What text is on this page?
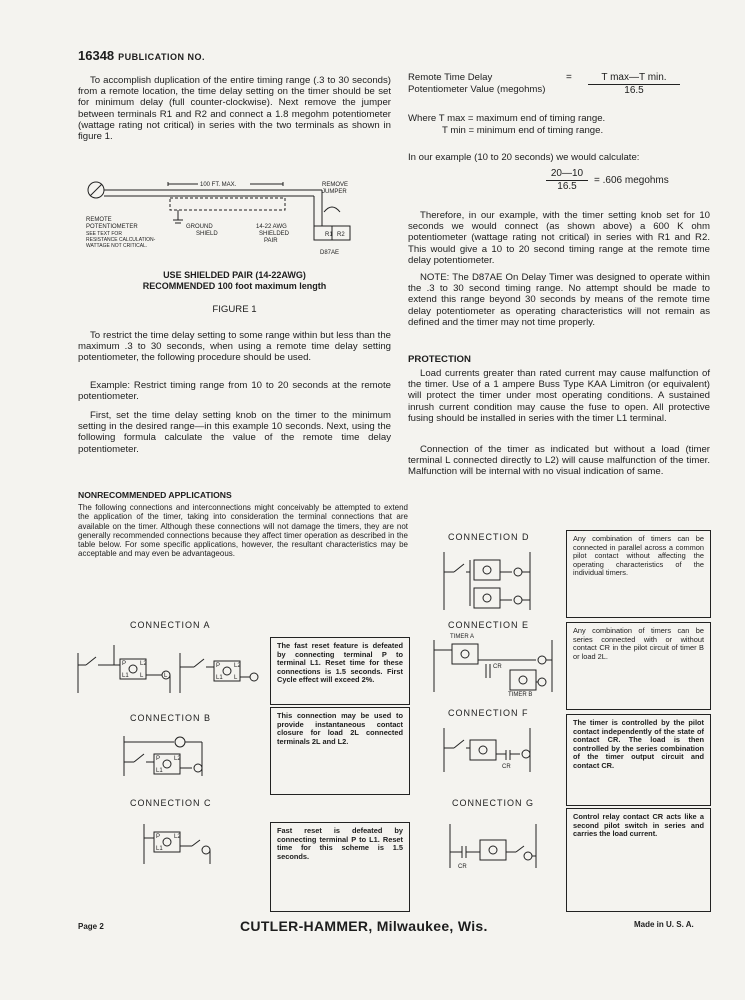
16348 PUBLICATION NO.

To accomplish duplication of the entire timing range (.3 to 30 seconds) from a remote location, the time delay setting on the timer should be set for minimum delay (full counter-clockwise). Next remove the jumper between terminals R1 and R2 and connect a 1.8 megohm potentiometer (wattage rating not critical) in series with the two terminals as shown in figure 1.

100 FT. MAX.
R1 R2
D87AE
REMOVE
JUMPER
REMOTE
POTENTIOMETER
SEE TEXT FOR
RESISTANCE CALCULATION-
WATTAGE NOT CRITICAL.
GROUND
SHIELD
14-22 AWG
SHIELDED
PAIR
USE SHIELDED PAIR (14-22AWG)
RECOMMENDED 100 foot maximum length
FIGURE 1

To restrict the time delay setting to some range within but less than the maximum .3 to 30 seconds, when using a remote time delay setting potentiometer, the following procedure should be used.

Example: Restrict timing range from 10 to 20 seconds at the remote potentiometer.

First, set the time delay setting knob on the timer to the minimum setting in the desired range—in this example 10 seconds. Next, using the following formula calculate the value of the remote time delay potentiometer.

Remote Time Delay
Potentiometer Value (megohms)
=	T max—T min.
16.5
Where T max = maximum end of timing range.
T min = minimum end of timing range.
In our example (10 to 20 seconds) we would calculate:
$\frac{20—10}{16.5} = .606$ megohms

Therefore, in our example, with the timer setting knob set for 10 seconds we would connect (as shown above) a 600 K ohm potentiometer (wattage rating not critical) in series with R1 and R2. This would give a 10 to 20 second timing range at the remote time delay potentiometer.

NOTE: The D87AE On Delay Timer was designed to operate within the .3 to 30 second timing range. No attempt should be made to extend this range beyond 30 seconds by means of the remote time delay potentiometer as operating characteristics will not remain as defined and the timer may not time properly.

PROTECTION

Load currents greater than rated current may cause malfunction of the timer. Use of a 1 ampere Buss Type KAA Limitron (or equivalent) will protect the timer under most operating conditions. A sustained inrush current condition may cause the fuse to open. All protective fusing should be installed in series with the timer L1 terminal.

Connection of the timer as indicated but without a load (timer terminal L connected directly to L2) will cause malfunction of the timer. Malfunction will be internal with no visual indication of same.

NONRECOMMENDED APPLICATIONS

The following connections and interconnections might conceivably be attempted to extend the application of the timer, taking into consideration the terminal connections that are available on the timer. Although these connections will not damage the timers, they are not generally recommended connections because they affect timer operation as described in the table below. For some specific applications, however, the resultant characteristics may be acceptable and may even be advantageous.

CONNECTION A
P
L1
L2
L	L
P
L1
L2
L
The fast reset feature is defeated by connecting terminal P to terminal L1. Reset time for these connections is 1.5 seconds. First Cycle effect will exceed 2%.
CONNECTION B
P
L1
L2
This connection may be used to provide instantaneous contact closure for load 2L connected terminals 2L and L2.
CONNECTION C
P
L1
L2
Fast reset is defeated by connecting terminal P to L1. Reset time for this scheme is 1.5 seconds.
CONNECTION D	Any combination of timers can be connected in parallel across a common pilot contact without affecting the operating characteristics of the individual timers.
CONNECTION E
TIMER A
TIMER B
CR
Any combination of timers can be series connected with or without contact CR in the pilot circuit of timer B or load 2L.
CONNECTION F
CR
The timer is controlled by the pilot contact independently of the state of contact CR. The load is then controlled by the series combination of the timer output circuit and contact CR.
CONNECTION G
CR
Control relay contact CR acts like a second pilot switch in series and carries the load current.
Page 2	CUTLER-HAMMER, Milwaukee, Wis.	Made in U. S. A.
